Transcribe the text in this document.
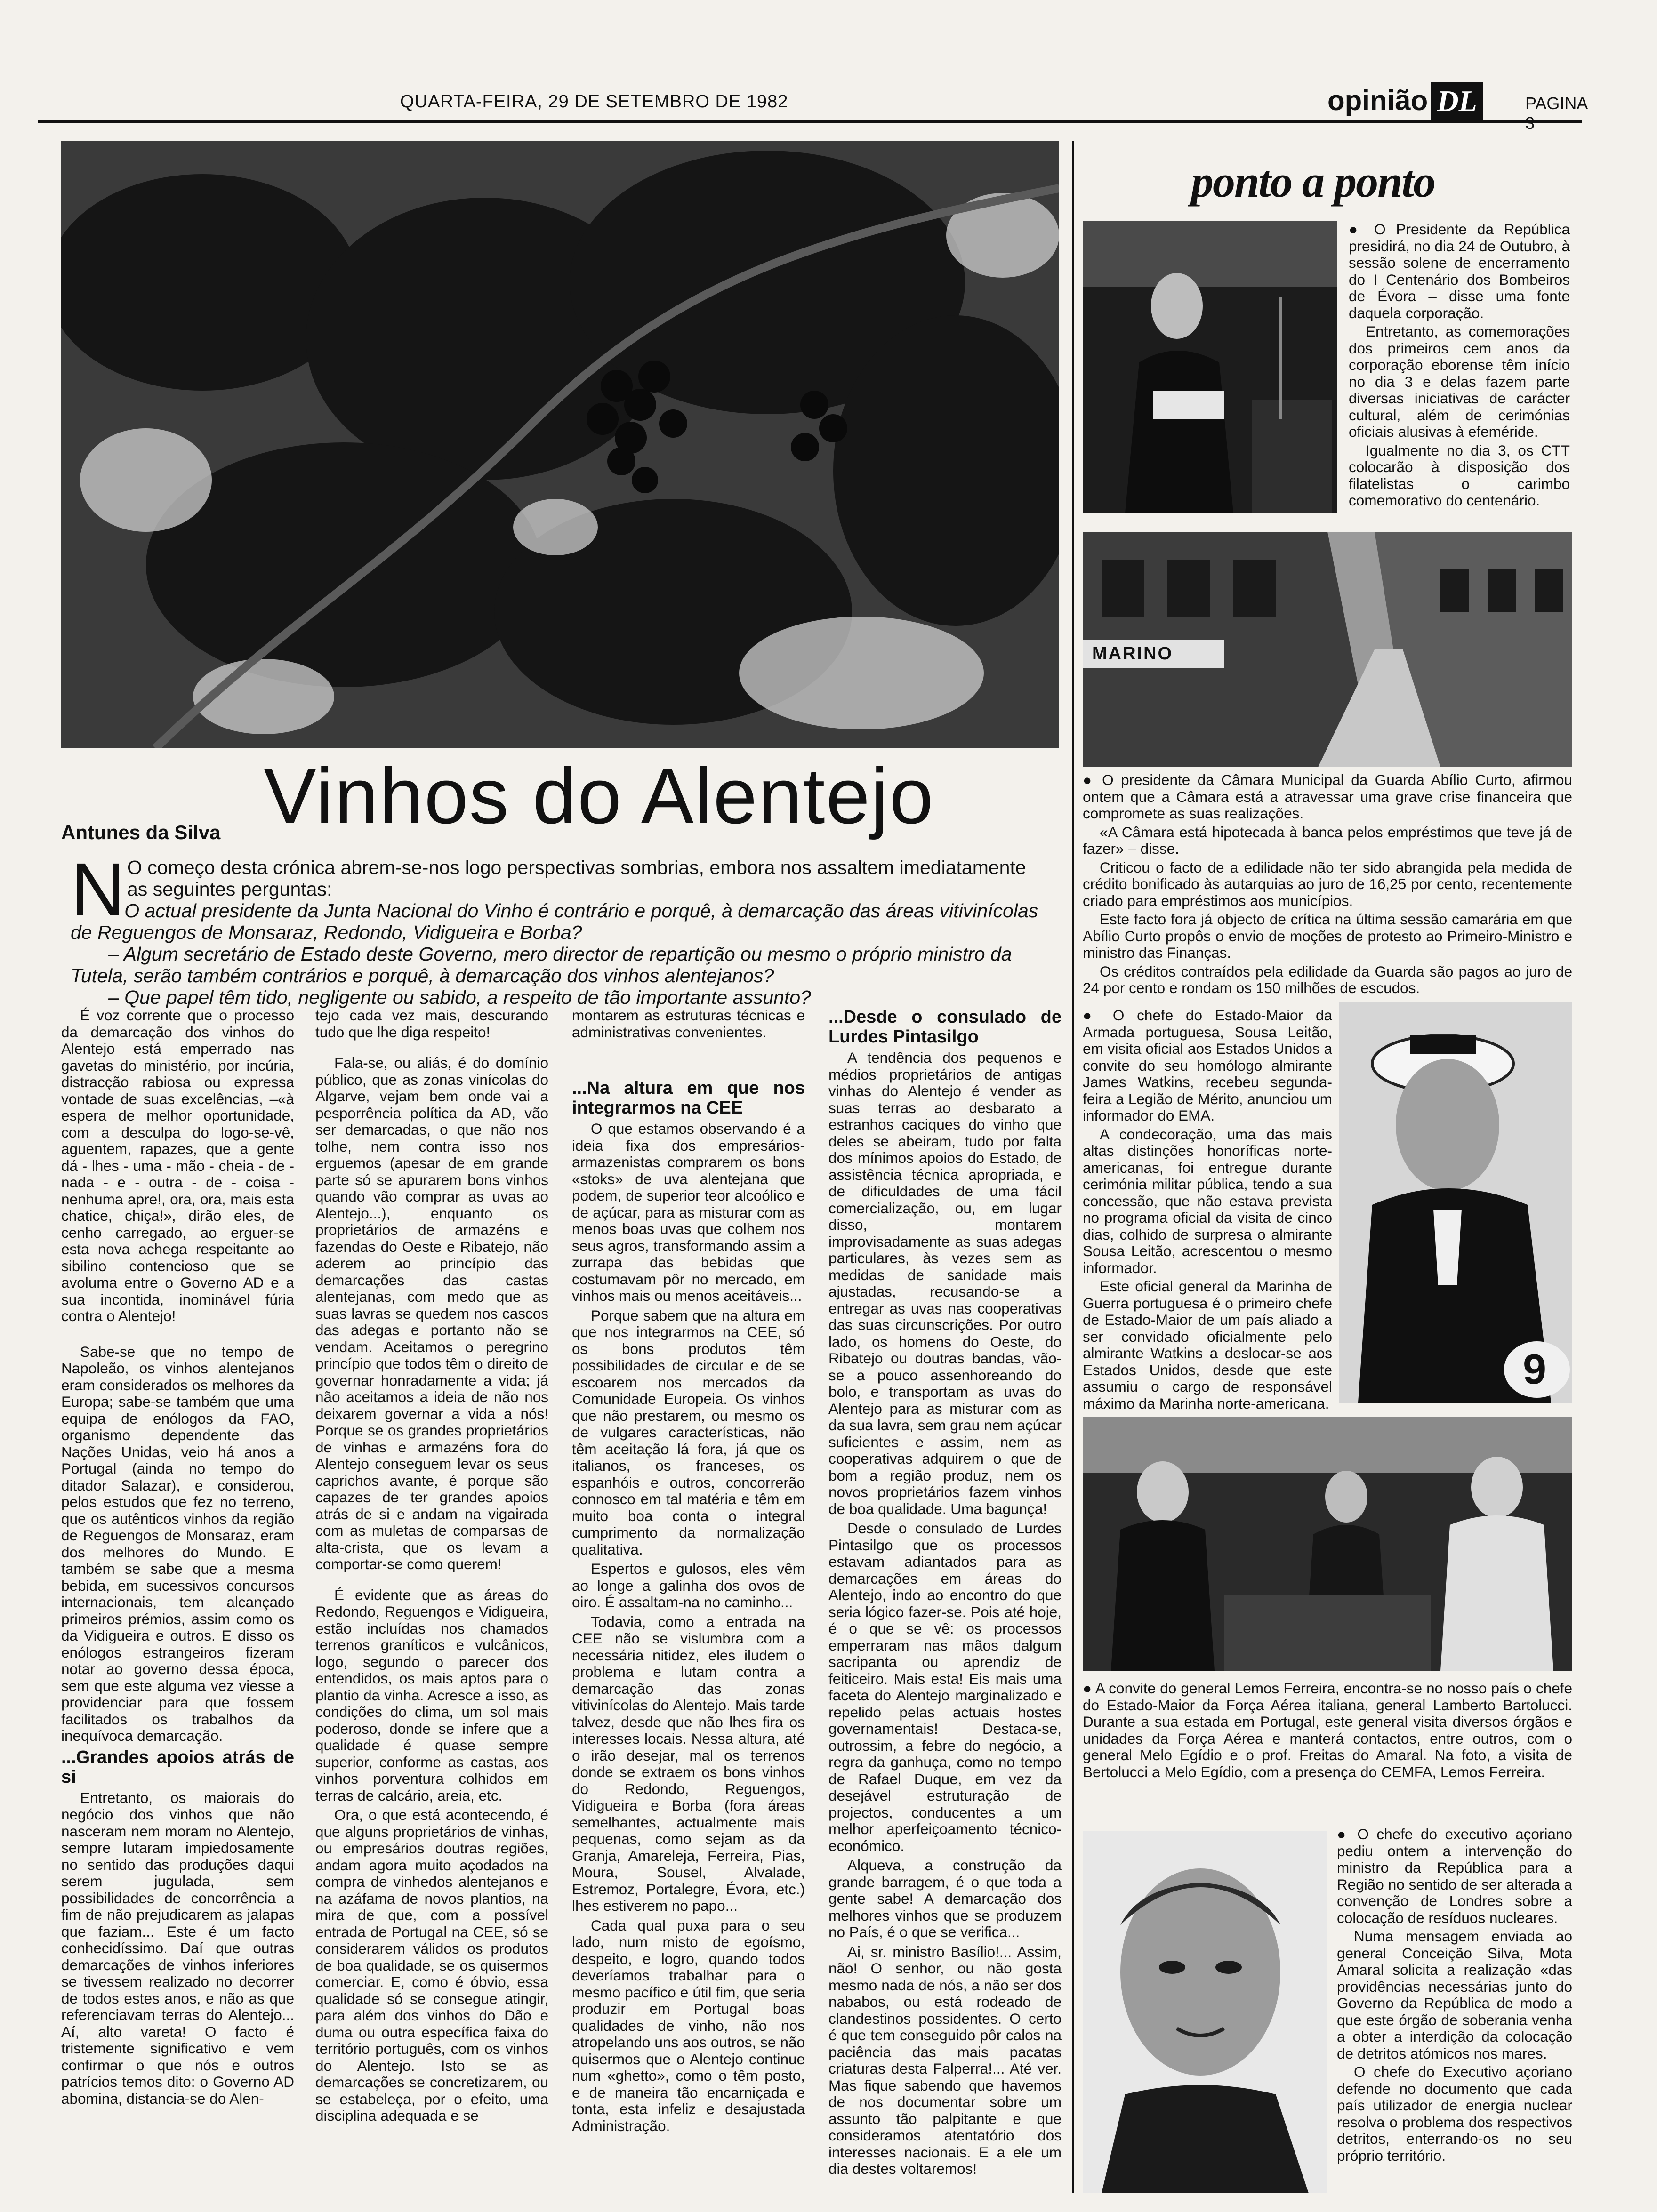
QUARTA-FEIRA, 29 DE SETEMBRO DE 1982	opinião DL	PAGINA 3
Vinhos do Alentejo
Antunes da Silva
N O começo desta crónica abrem-se-nos logo perspectivas sombrias, embora nos assaltem imediatamente as seguintes perguntas:

– O actual presidente da Junta Nacional do Vinho é contrário e porquê, à demarcação das áreas vitivinícolas de Reguengos de Monsaraz, Redondo, Vidigueira e Borba?

– Algum secretário de Estado deste Governo, mero director de repartição ou mesmo o próprio ministro da Tutela, serão também contrários e porquê, à demarcação dos vinhos alentejanos?

– Que papel têm tido, negligente ou sabido, a respeito de tão importante assunto?

É voz corrente que o processo da demarcação dos vinhos do Alentejo está emperrado nas gavetas do ministério, por incúria, distracção rabiosa ou expressa vontade de suas excelências, –«à espera de melhor oportunidade, com a desculpa do logo-se-vê, aguentem, rapazes, que a gente dá - lhes - uma - mão - cheia - de - nada - e - outra - de - coisa - nenhuma apre!, ora, ora, mais esta chatice, chiça!», dirão eles, de cenho carregado, ao erguer-se esta nova achega respeitante ao sibilino contencioso que se avoluma entre o Governo AD e a sua incontida, inominável fúria contra o Alentejo!

Sabe-se que no tempo de Napoleão, os vinhos alentejanos eram considerados os melhores da Europa; sabe-se também que uma equipa de enólogos da FAO, organismo dependente das Nações Unidas, veio há anos a Portugal (ainda no tempo do ditador Salazar), e considerou, pelos estudos que fez no terreno, que os autênticos vinhos da região de Reguengos de Monsaraz, eram dos melhores do Mundo. E também se sabe que a mesma bebida, em sucessivos concursos internacionais, tem alcançado primeiros prémios, assim como os da Vidigueira e outros. E disso os enólogos estrangeiros fizeram notar ao governo dessa época, sem que este alguma vez viesse a providenciar para que fossem facilitados os trabalhos da inequívoca demarcação.

...Grandes apoios atrás de si

Entretanto, os maiorais do negócio dos vinhos que não nasceram nem moram no Alentejo, sempre lutaram impiedosamente no sentido das produções daqui serem jugulada, sem possibilidades de concorrência a fim de não prejudicarem as jalapas que faziam... Este é um facto conhecidíssimo. Daí que outras demarcações de vinhos inferiores se tivessem realizado no decorrer de todos estes anos, e não as que referenciavam terras do Alentejo... Aí, alto vareta! O facto é tristemente significativo e vem confirmar o que nós e outros patrícios temos dito: o Governo AD abomina, distancia-se do Alen-

tejo cada vez mais, descurando tudo que lhe diga respeito!

Fala-se, ou aliás, é do domínio público, que as zonas vinícolas do Algarve, vejam bem onde vai a pesporrência política da AD, vão ser demarcadas, o que não nos tolhe, nem contra isso nos erguemos (apesar de em grande parte só se apurarem bons vinhos quando vão comprar as uvas ao Alentejo...), enquanto os proprietários de armazéns e fazendas do Oeste e Ribatejo, não aderem ao princípio das demarcações das castas alentejanas, com medo que as suas lavras se quedem nos cascos das adegas e portanto não se vendam. Aceitamos o peregrino princípio que todos têm o direito de governar honradamente a vida; já não aceitamos a ideia de não nos deixarem governar a vida a nós! Porque se os grandes proprietários de vinhas e armazéns fora do Alentejo conseguem levar os seus caprichos avante, é porque são capazes de ter grandes apoios atrás de si e andam na vigairada com as muletas de comparsas de alta-crista, que os levam a comportar-se como querem!

É evidente que as áreas do Redondo, Reguengos e Vidigueira, estão incluídas nos chamados terrenos graníticos e vulcânicos, logo, segundo o parecer dos entendidos, os mais aptos para o plantio da vinha. Acresce a isso, as condições do clima, um sol mais poderoso, donde se infere que a qualidade é quase sempre superior, conforme as castas, aos vinhos porventura colhidos em terras de calcário, areia, etc.

Ora, o que está acontecendo, é que alguns proprietários de vinhas, ou empresários doutras regiões, andam agora muito açodados na compra de vinhedos alentejanos e na azáfama de novos plantios, na mira de que, com a possível entrada de Portugal na CEE, só se considerarem válidos os produtos de boa qualidade, se os quisermos comerciar. E, como é óbvio, essa qualidade só se consegue atingir, para além dos vinhos do Dão e duma ou outra específica faixa do território português, com os vinhos do Alentejo. Isto se as demarcações se concretizarem, ou se estabeleça, por o efeito, uma disciplina adequada e se

montarem as estruturas técnicas e administrativas convenientes.

...Na altura em que nos integrarmos na CEE

O que estamos observando é a ideia fixa dos empresários-armazenistas comprarem os bons «stoks» de uva alentejana que podem, de superior teor alcoólico e de açúcar, para as misturar com as menos boas uvas que colhem nos seus agros, transformando assim a zurrapa das bebidas que costumavam pôr no mercado, em vinhos mais ou menos aceitáveis...

Porque sabem que na altura em que nos integrarmos na CEE, só os bons produtos têm possibilidades de circular e de se escoarem nos mercados da Comunidade Europeia. Os vinhos que não prestarem, ou mesmo os de vulgares características, não têm aceitação lá fora, já que os italianos, os franceses, os espanhóis e outros, concorrerão connosco em tal matéria e têm em muito boa conta o integral cumprimento da normalização qualitativa.

Espertos e gulosos, eles vêm ao longe a galinha dos ovos de oiro. É assaltam-na no caminho...

Todavia, como a entrada na CEE não se vislumbra com a necessária nitidez, eles iludem o problema e lutam contra a demarcação das zonas vitivinícolas do Alentejo. Mais tarde talvez, desde que não lhes fira os interesses locais. Nessa altura, até o irão desejar, mal os terrenos donde se extraem os bons vinhos do Redondo, Reguengos, Vidigueira e Borba (fora áreas semelhantes, actualmente mais pequenas, como sejam as da Granja, Amareleja, Ferreira, Pias, Moura, Sousel, Alvalade, Estremoz, Portalegre, Évora, etc.) lhes estiverem no papo...

Cada qual puxa para o seu lado, num misto de egoísmo, despeito, e logro, quando todos deveríamos trabalhar para o mesmo pacífico e útil fim, que seria produzir em Portugal boas qualidades de vinho, não nos atropelando uns aos outros, se não quisermos que o Alentejo continue num «ghetto», como o têm posto, e de maneira tão encarniçada e tonta, esta infeliz e desajustada Administração.

...Desde o consulado de Lurdes Pintasilgo

A tendência dos pequenos e médios proprietários de antigas vinhas do Alentejo é vender as suas terras ao desbarato a estranhos caciques do vinho que deles se abeiram, tudo por falta dos mínimos apoios do Estado, de assistência técnica apropriada, e de dificuldades de uma fácil comercialização, ou, em lugar disso, montarem improvisadamente as suas adegas particulares, às vezes sem as medidas de sanidade mais ajustadas, recusando-se a entregar as uvas nas cooperativas das suas circunscrições. Por outro lado, os homens do Oeste, do Ribatejo ou doutras bandas, vão-se a pouco assenhoreando do bolo, e transportam as uvas do Alentejo para as misturar com as da sua lavra, sem grau nem açúcar suficientes e assim, nem as cooperativas adquirem o que de bom a região produz, nem os novos proprietários fazem vinhos de boa qualidade. Uma bagunça!

Desde o consulado de Lurdes Pintasilgo que os processos estavam adiantados para as demarcações em áreas do Alentejo, indo ao encontro do que seria lógico fazer-se. Pois até hoje, é o que se vê: os processos emperraram nas mãos dalgum sacripanta ou aprendiz de feiticeiro. Mais esta! Eis mais uma faceta do Alentejo marginalizado e repelido pelas actuais hostes governamentais! Destaca-se, outrossim, a febre do negócio, a regra da ganhuça, como no tempo de Rafael Duque, em vez da desejável estruturação de projectos, conducentes a um melhor aperfeiçoamento técnico-económico.

Alqueva, a construção da grande barragem, é o que toda a gente sabe! A demarcação dos melhores vinhos que se produzem no País, é o que se verifica...

Ai, sr. ministro Basílio!... Assim, não! O senhor, ou não gosta mesmo nada de nós, a não ser dos nababos, ou está rodeado de clandestinos possidentes. O certo é que tem conseguido pôr calos na paciência das mais pacatas criaturas desta Falperra!... Até ver. Mas fique sabendo que havemos de nos documentar sobre um assunto tão palpitante e que consideramos atentatório dos interesses nacionais. E a ele um dia destes voltaremos!

ponto a ponto

● O Presidente da República presidirá, no dia 24 de Outubro, à sessão solene de encerramento do I Centenário dos Bombeiros de Évora – disse uma fonte daquela corporação.

Entretanto, as comemorações dos primeiros cem anos da corporação eborense têm início no dia 3 e delas fazem parte diversas iniciativas de carácter cultural, além de cerimónias oficiais alusivas à efeméride.

Igualmente no dia 3, os CTT colocarão à disposição dos filatelistas o carimbo comemorativo do centenário.

MARINO

● O presidente da Câmara Municipal da Guarda Abílio Curto, afirmou ontem que a Câmara está a atravessar uma grave crise financeira que compromete as suas realizações.

«A Câmara está hipotecada à banca pelos empréstimos que teve já de fazer» – disse.

Criticou o facto de a edilidade não ter sido abrangida pela medida de crédito bonificado às autarquias ao juro de 16,25 por cento, recentemente criado para empréstimos aos municípios.

Este facto fora já objecto de crítica na última sessão camarária em que Abílio Curto propôs o envio de moções de protesto ao Primeiro-Ministro e ministro das Finanças.

Os créditos contraídos pela edilidade da Guarda são pagos ao juro de 24 por cento e rondam os 150 milhões de escudos.

● O chefe do Estado-Maior da Armada portuguesa, Sousa Leitão, em visita oficial aos Estados Unidos a convite do seu homólogo almirante James Watkins, recebeu segunda-feira a Legião de Mérito, anunciou um informador do EMA.

A condecoração, uma das mais altas distinções honoríficas norte-americanas, foi entregue durante cerimónia militar pública, tendo a sua concessão, que não estava prevista no programa oficial da visita de cinco dias, colhido de surpresa o almirante Sousa Leitão, acrescentou o mesmo informador.

Este oficial general da Marinha de Guerra portuguesa é o primeiro chefe de Estado-Maior de um país aliado a ser convidado oficialmente pelo almirante Watkins a deslocar-se aos Estados Unidos, desde que este assumiu o cargo de responsável máximo da Marinha norte-americana.

9
● A convite do general Lemos Ferreira, encontra-se no nosso país o chefe do Estado-Maior da Força Aérea italiana, general Lamberto Bartolucci. Durante a sua estada em Portugal, este general visita diversos órgãos e unidades da Força Aérea e manterá contactos, entre outros, com o general Melo Egídio e o prof. Freitas do Amaral. Na foto, a visita de Bertolucci a Melo Egídio, com a presença do CEMFA, Lemos Ferreira.

● O chefe do executivo açoriano pediu ontem a intervenção do ministro da República para a Região no sentido de ser alterada a convenção de Londres sobre a colocação de resíduos nucleares.

Numa mensagem enviada ao general Conceição Silva, Mota Amaral solicita a realização «das providências necessárias junto do Governo da República de modo a que este órgão de soberania venha a obter a interdição da colocação de detritos atómicos nos mares.

O chefe do Executivo açoriano defende no documento que cada país utilizador de energia nuclear resolva o problema dos respectivos detritos, enterrando-os no seu próprio território.
